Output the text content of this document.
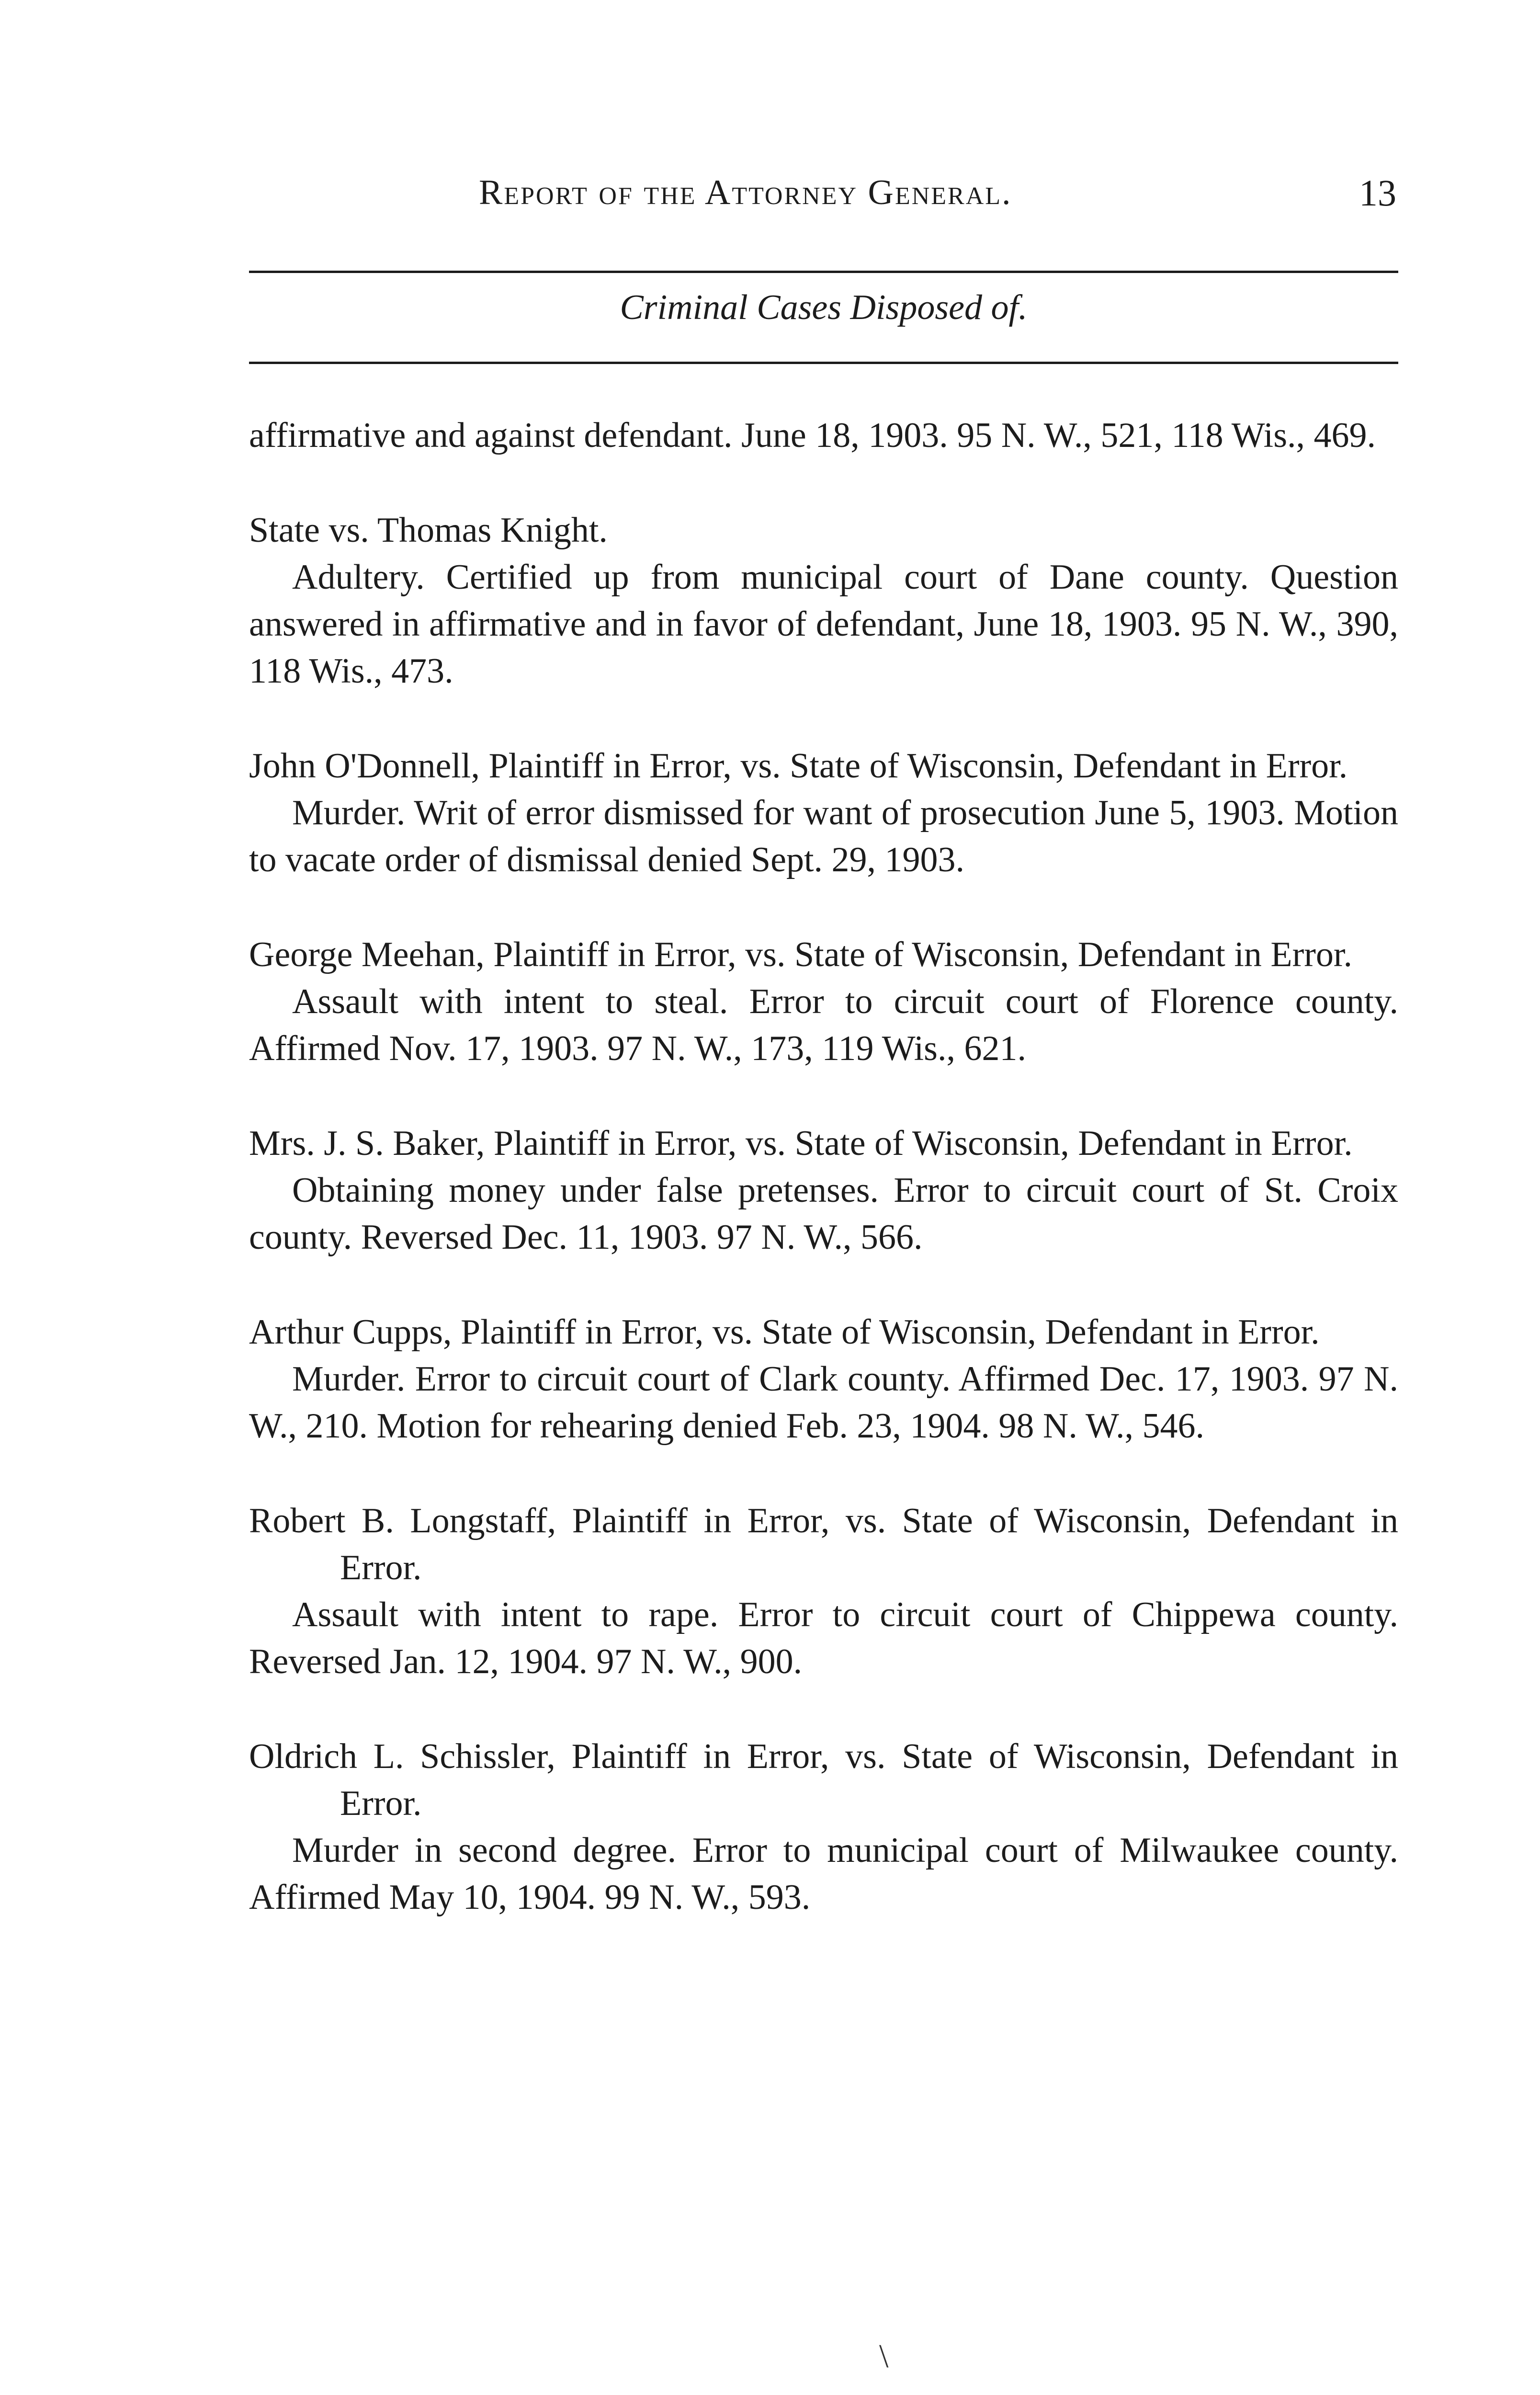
Report of the Attorney General.	13
Criminal Cases Disposed of.

affirmative and against defendant. June 18, 1903. 95 N. W., 521, 118 Wis., 469.

State vs. Thomas Knight.

Adultery. Certified up from municipal court of Dane county. Question answered in affirmative and in favor of defendant, June 18, 1903. 95 N. W., 390, 118 Wis., 473.

John O'Donnell, Plaintiff in Error, vs. State of Wisconsin, Defendant in Error.

Murder. Writ of error dismissed for want of prosecution June 5, 1903. Motion to vacate order of dismissal denied Sept. 29, 1903.

George Meehan, Plaintiff in Error, vs. State of Wisconsin, Defendant in Error.

Assault with intent to steal. Error to circuit court of Florence county. Affirmed Nov. 17, 1903. 97 N. W., 173, 119 Wis., 621.

Mrs. J. S. Baker, Plaintiff in Error, vs. State of Wisconsin, Defendant in Error.

Obtaining money under false pretenses. Error to circuit court of St. Croix county. Reversed Dec. 11, 1903. 97 N. W., 566.

Arthur Cupps, Plaintiff in Error, vs. State of Wisconsin, Defendant in Error.

Murder. Error to circuit court of Clark county. Affirmed Dec. 17, 1903. 97 N. W., 210. Motion for rehearing denied Feb. 23, 1904. 98 N. W., 546.

Robert B. Longstaff, Plaintiff in Error, vs. State of Wisconsin, Defendant in Error.

Assault with intent to rape. Error to circuit court of Chippewa county. Reversed Jan. 12, 1904. 97 N. W., 900.

Oldrich L. Schissler, Plaintiff in Error, vs. State of Wisconsin, Defendant in Error.

Murder in second degree. Error to municipal court of Milwaukee county. Affirmed May 10, 1904. 99 N. W., 593.

\
